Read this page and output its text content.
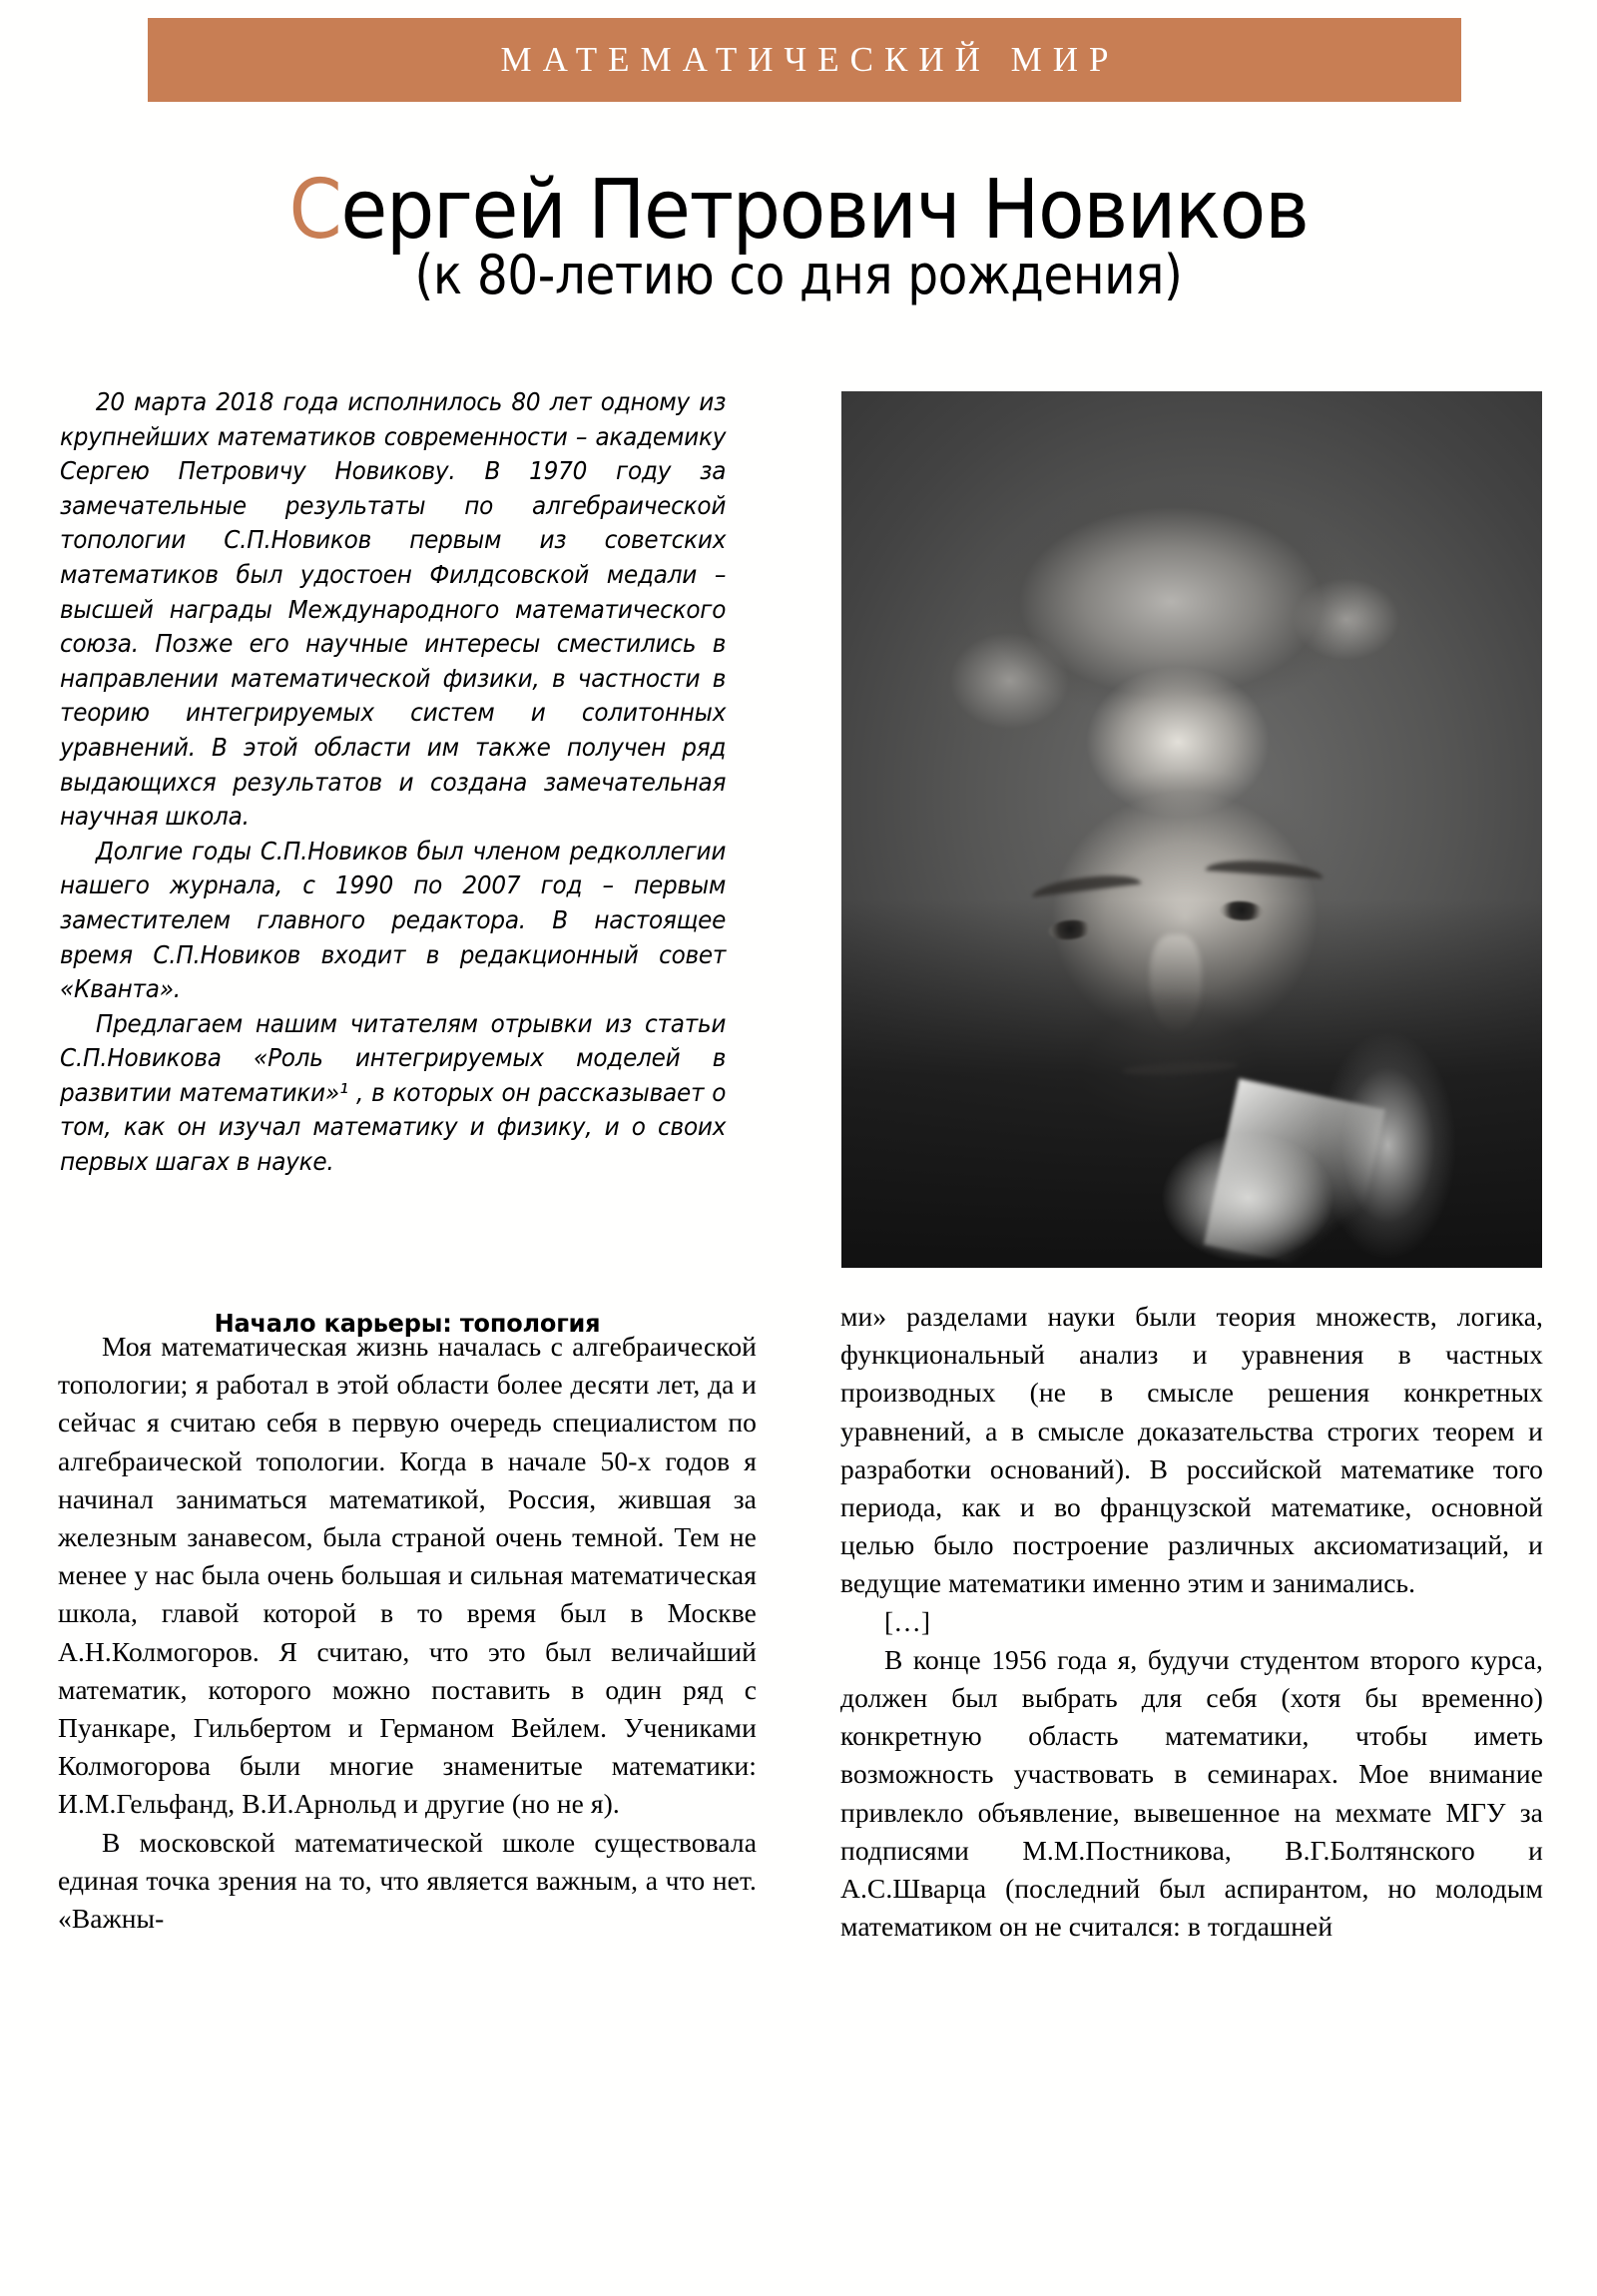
МАТЕМАТИЧЕСКИЙ МИР
Сергей Петрович Новиков
(к 80-летию со дня рождения)

20 марта 2018 года исполнилось 80 лет одному из крупнейших математиков современности – академику Сергею Петровичу Новикову. В 1970 году за замечательные результаты по алгебраической топологии С.П.Новиков первым из советских математиков был удостоен Филдсовской медали – высшей награды Международного математического союза. Позже его научные интересы сместились в направлении математической физики, в частности в теорию интегрируемых систем и солитонных уравнений. В этой области им также получен ряд выдающихся результатов и создана замечательная научная школа.

Долгие годы С.П.Новиков был членом редколлегии нашего журнала, с 1990 по 2007 год – первым заместителем главного редактора. В настоящее время С.П.Новиков входит в редакционный совет «Кванта».

Предлагаем нашим читателям отрывки из статьи С.П.Новикова «Роль интегрируемых моделей в развитии математики»¹ , в которых он рассказывает о том, как он изучал математику и физику, и о своих первых шагах в науке.

Начало карьеры: топология

Моя математическая жизнь началась с алгебраической топологии; я работал в этой области более десяти лет, да и сейчас я считаю себя в первую очередь специалистом по алгебраической топологии. Когда в начале 50-х годов я начинал заниматься математикой, Россия, жившая за железным занавесом, была страной очень темной. Тем не менее у нас была очень большая и сильная математическая школа, главой которой в то время был в Москве А.Н.Колмогоров. Я считаю, что это был величайший математик, которого можно поставить в один ряд с Пуанкаре, Гильбертом и Германом Вейлем. Учениками Колмогорова были многие знаменитые математики: И.М.Гельфанд, В.И.Арнольд и другие (но не я).

В московской математической школе существовала единая точка зрения на то, что является важным, а что нет. «Важны-

ми» разделами науки были теория множеств, логика, функциональный анализ и уравнения в частных производных (не в смысле решения конкретных уравнений, а в смысле доказательства строгих теорем и разработки оснований). В российской математике того периода, как и во французской математике, основной целью было построение различных аксиоматизаций, и ведущие математики именно этим и занимались.

[…]

В конце 1956 года я, будучи студентом второго курса, должен был выбрать для себя (хотя бы временно) конкретную область математики, чтобы иметь возможность участвовать в семинарах. Мое внимание привлекло объявление, вывешенное на мехмате МГУ за подписями М.М.Постникова, В.Г.Болтянского и А.С.Шварца (последний был аспирантом, но молодым математиком он не считался: в тогдашней
